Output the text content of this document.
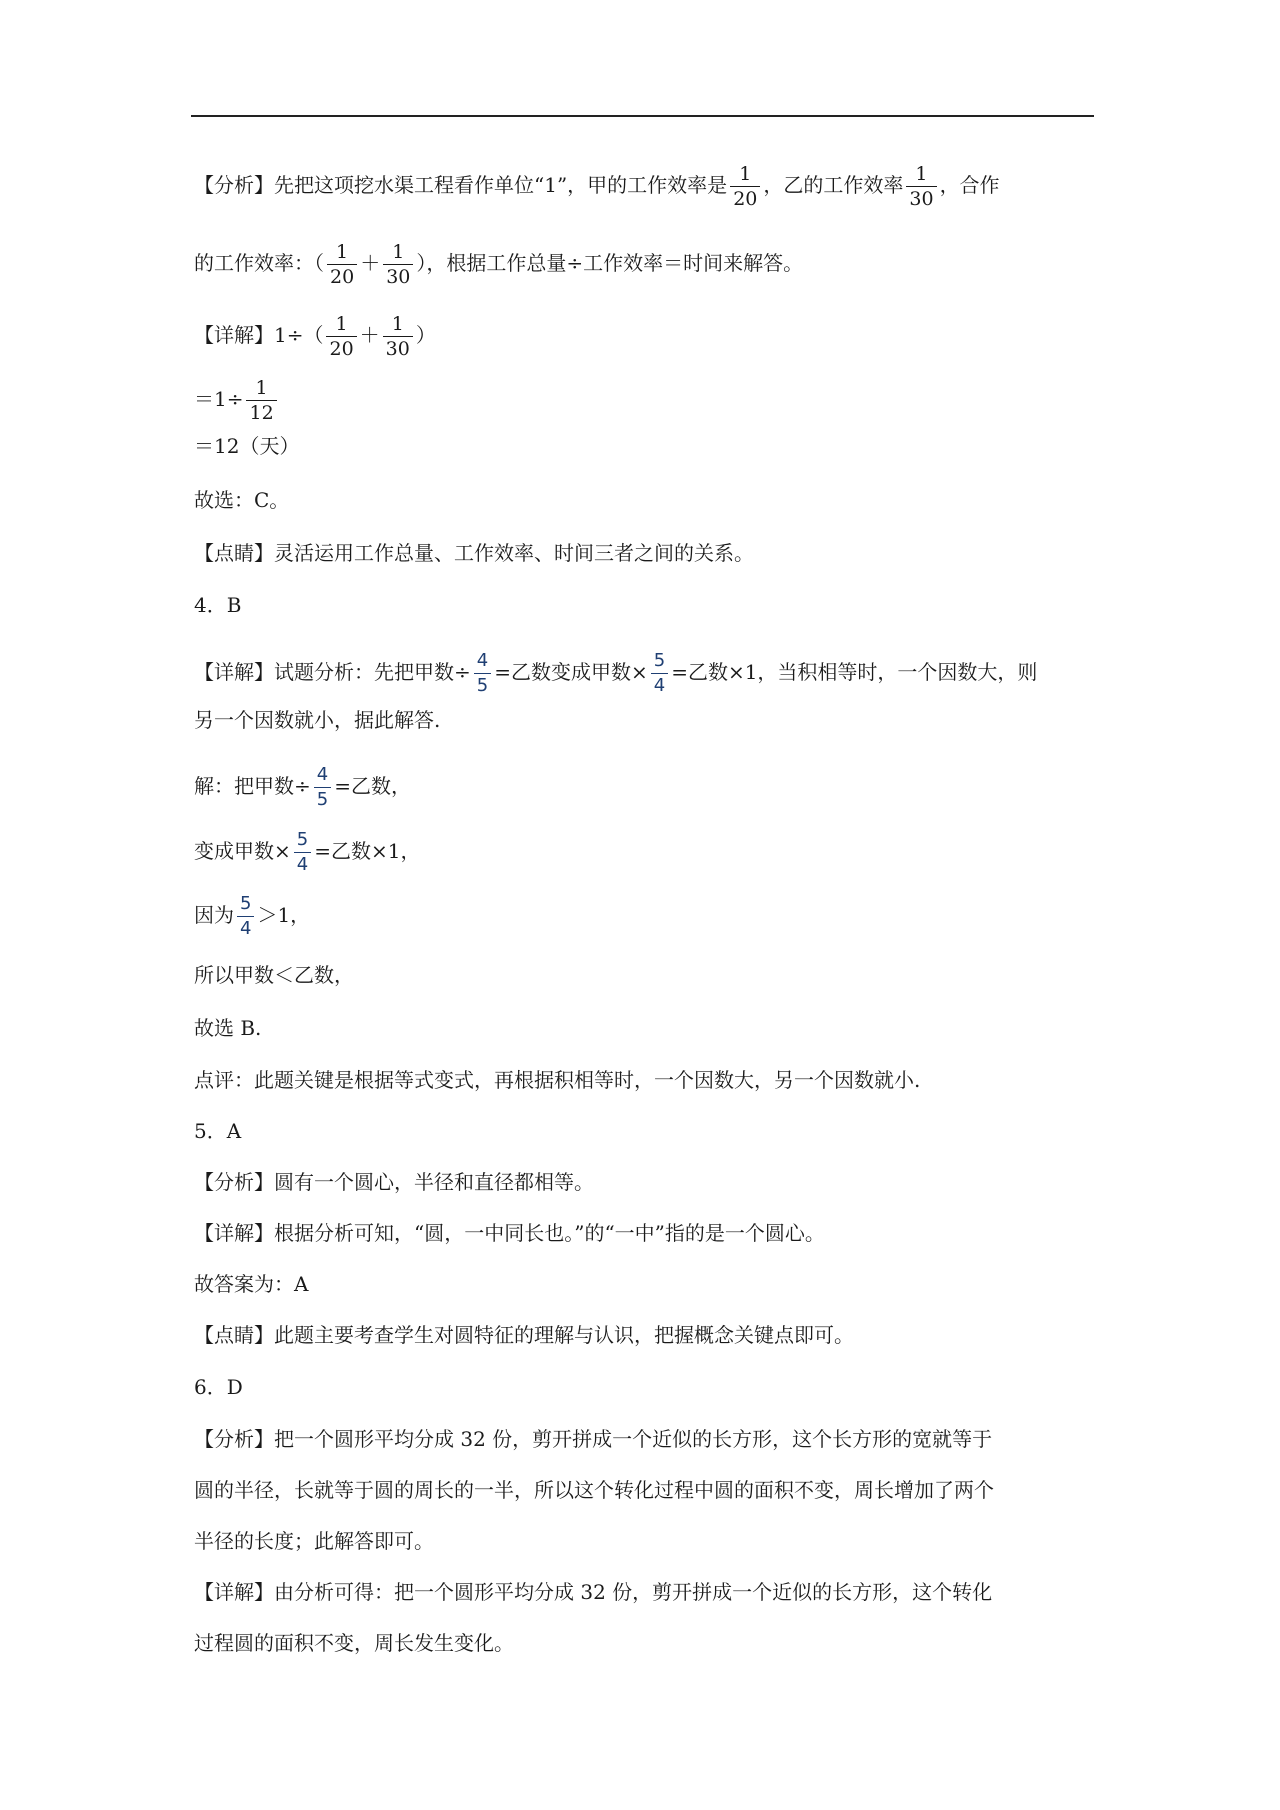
【分析】先把这项挖水渠工程看作单位“1”，甲的工作效率是 $\frac{1}{20}$ ，乙的工作效率 $\frac{1}{30}$ ，合作
的工作效率：（ $\frac{1}{20} + \frac{1}{30}$ ），根据工作总量÷工作效率＝时间来解答。
【详解】$1\div( \frac{1}{20} + \frac{1}{30}$ ）
$=1\div \frac{1}{12}$
＝12（天）
故选：C。
【点睛】灵活运用工作总量、工作效率、时间三者之间的关系。
4．B
【详解】试题分析：先把甲数÷ $\frac{4}{5}$ =乙数变成甲数× $\frac{5}{4}$ =乙数×1，当积相等时，一个因数大，则
另一个因数就小，据此解答.
解：把甲数÷ $\frac{4}{5}$ =乙数，
变成甲数× $\frac{5}{4}$ =乙数×1，
因为 $\frac{5}{4} >1$，
所以甲数＜乙数，
故选 B.
点评：此题关键是根据等式变式，再根据积相等时，一个因数大，另一个因数就小.
5．A
【分析】圆有一个圆心，半径和直径都相等。
【详解】根据分析可知，“圆，一中同长也。”的“一中”指的是一个圆心。
故答案为：A
【点睛】此题主要考查学生对圆特征的理解与认识，把握概念关键点即可。
6．D
【分析】把一个圆形平均分成 32 份，剪开拼成一个近似的长方形，这个长方形的宽就等于
圆的半径，长就等于圆的周长的一半，所以这个转化过程中圆的面积不变，周长增加了两个
半径的长度；此解答即可。
【详解】由分析可得：把一个圆形平均分成 32 份，剪开拼成一个近似的长方形，这个转化
过程圆的面积不变，周长发生变化。
